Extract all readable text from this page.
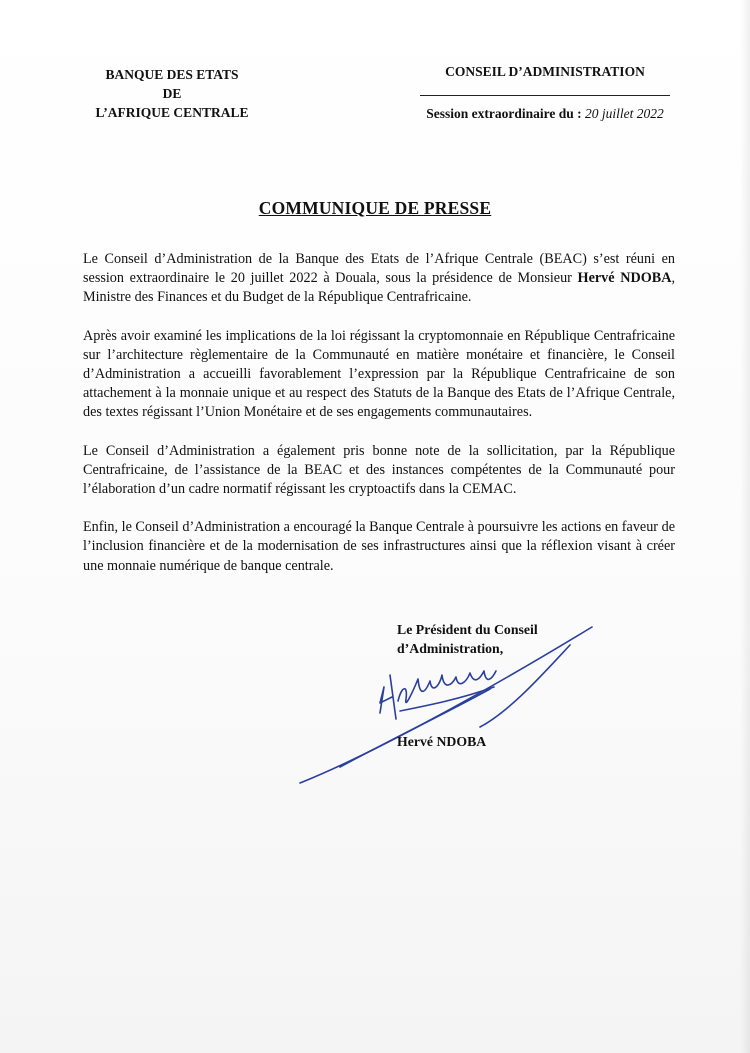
BANQUE DES ETATS
DE
L’AFRIQUE CENTRALE
CONSEIL D’ADMINISTRATION
Session extraordinaire du : 20 juillet 2022
COMMUNIQUE DE PRESSE

Le Conseil d’Administration de la Banque des Etats de l’Afrique Centrale (BEAC) s’est réuni en session extraordinaire le 20 juillet 2022 à Douala, sous la présidence de Monsieur Hervé NDOBA, Ministre des Finances et du Budget de la République Centrafricaine.

Après avoir examiné les implications de la loi régissant la cryptomonnaie en République Centrafricaine sur l’architecture règlementaire de la Communauté en matière monétaire et financière, le Conseil d’Administration a accueilli favorablement l’expression par la République Centrafricaine de son attachement à la monnaie unique et au respect des Statuts de la Banque des Etats de l’Afrique Centrale, des textes régissant l’Union Monétaire et de ses engagements communautaires.

Le Conseil d’Administration a également pris bonne note de la sollicitation, par la République Centrafricaine, de l’assistance de la BEAC et des instances compétentes de la Communauté pour l’élaboration d’un cadre normatif régissant les cryptoactifs dans la CEMAC.

Enfin, le Conseil d’Administration a encouragé la Banque Centrale à poursuivre les actions en faveur de l’inclusion financière et de la modernisation de ses infrastructures ainsi que la réflexion visant à créer une monnaie numérique de banque centrale.

Le Président du Conseil
d’Administration,
Hervé NDOBA
